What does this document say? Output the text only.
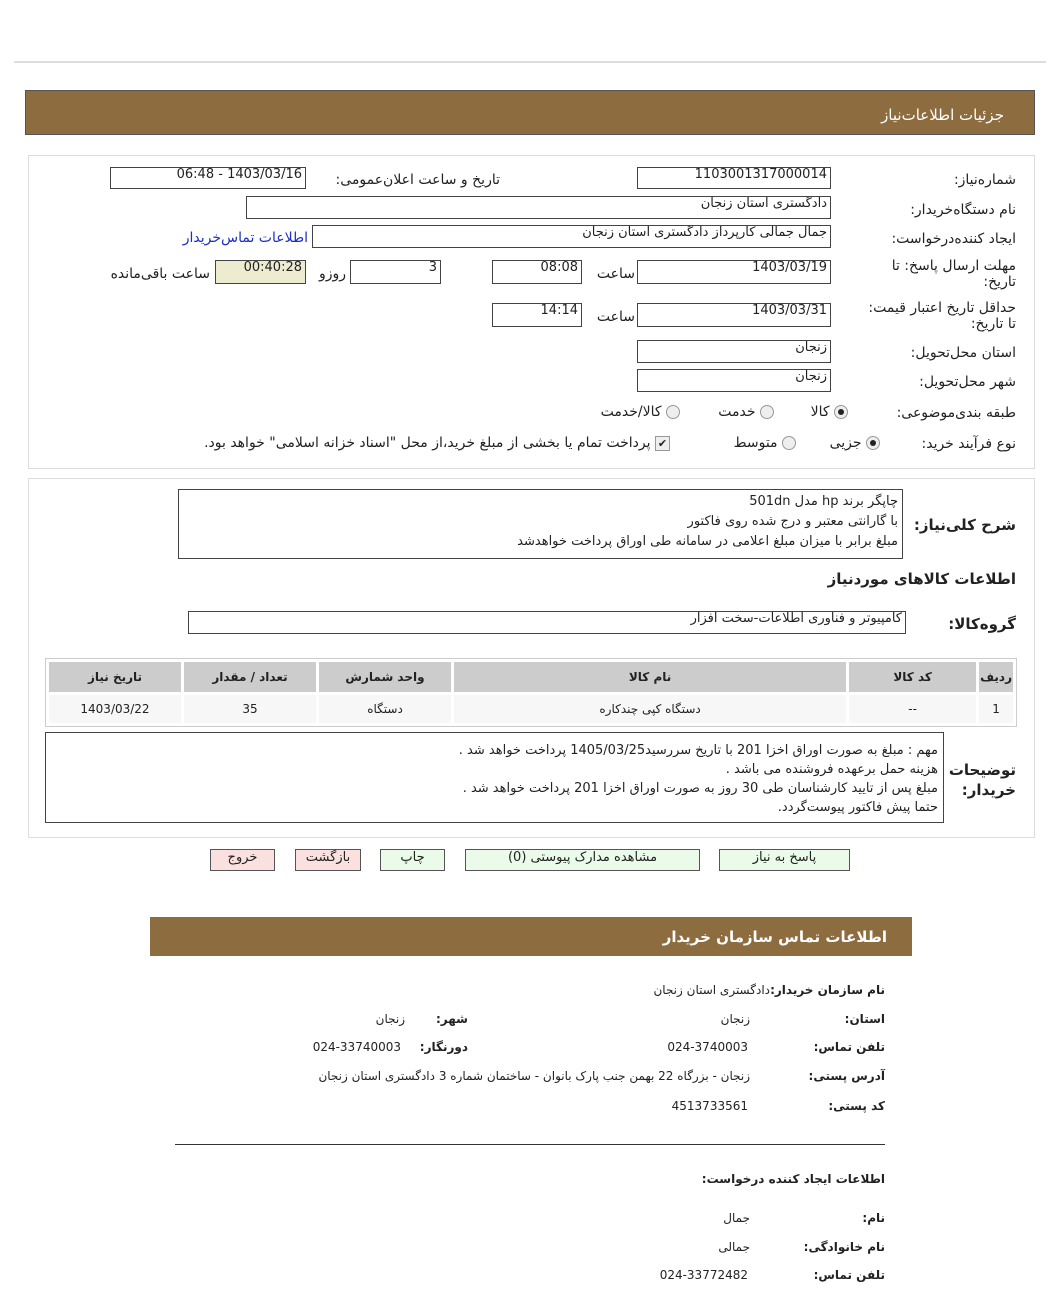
جزئیات اطلاعات‌نیاز
شماره‌نیاز:
1103001317000014
تاریخ و ساعت اعلان‌عمومی:
1403/03/16 - 06:48
نام دستگاه‌خریدار:
دادگستری استان زنجان
ایجاد کننده‌درخواست:
جمال جمالی کارپرداز دادگستری استان زنجان
اطلاعات تماس‌خریدار
مهلت ارسال پاسخ: تا تاریخ:
1403/03/19
ساعت
08:08
3
روزو
00:40:28
ساعت باقی‌مانده
حداقل تاریخ اعتبار قیمت: تا تاریخ:
1403/03/31
ساعت
14:14
استان محل‌تحویل:
زنجان
شهر محل‌تحویل:
زنجان
طبقه بندی‌موضوعی:
کالا
خدمت
کالا/خدمت
نوع فرآیند خرید:
جزیی
متوسط
✔ پرداخت تمام یا بخشی از مبلغ خرید،از محل "اسناد خزانه اسلامی" خواهد بود.
شرح کلی‌نیاز:
چاپگر برند hp مدل 501dn
با گارانتی معتبر و درج شده روی فاکتور
مبلغ برابر با میزان مبلغ اعلامی در سامانه طی اوراق پرداخت خواهدشد
اطلاعات کالاهای موردنیاز
گروه‌کالا:
کامپیوتر و فناوری اطلاعات-سخت افزار
ردیف	کد کالا	نام کالا	واحد شمارش	تعداد / مقدار	تاریخ نیاز
1	--	دستگاه کپی چندکاره	دستگاه	35	1403/03/22
توضیحات خریدار:
مهم : مبلغ به صورت اوراق اخزا 201 با تاریخ سررسید1405/03/25 پرداخت خواهد شد .
هزینه حمل برعهده فروشنده می باشد .
مبلغ پس از تایید کارشناسان طی 30 روز به صورت اوراق اخزا 201 پرداخت خواهد شد .
حتما پیش فاکتور پیوست‌گردد.
پاسخ به نیاز
مشاهده مدارک پیوستی (0)
چاپ
بازگشت
خروج
اطلاعات تماس سازمان خریدار
نام سازمان خریدار:
دادگستری استان زنجان
استان:
زنجان
شهر:
زنجان
تلفن تماس:
024-3740003
دورنگار:
024-33740003
آدرس پستی:
زنجان - بزرگاه 22 بهمن جنب پارک بانوان - ساختمان شماره 3 دادگستری استان زنجان
کد پستی:
4513733561
اطلاعات ایجاد کننده درخواست:
نام:
جمال
نام خانوادگی:
جمالی
تلفن تماس:
024-33772482
